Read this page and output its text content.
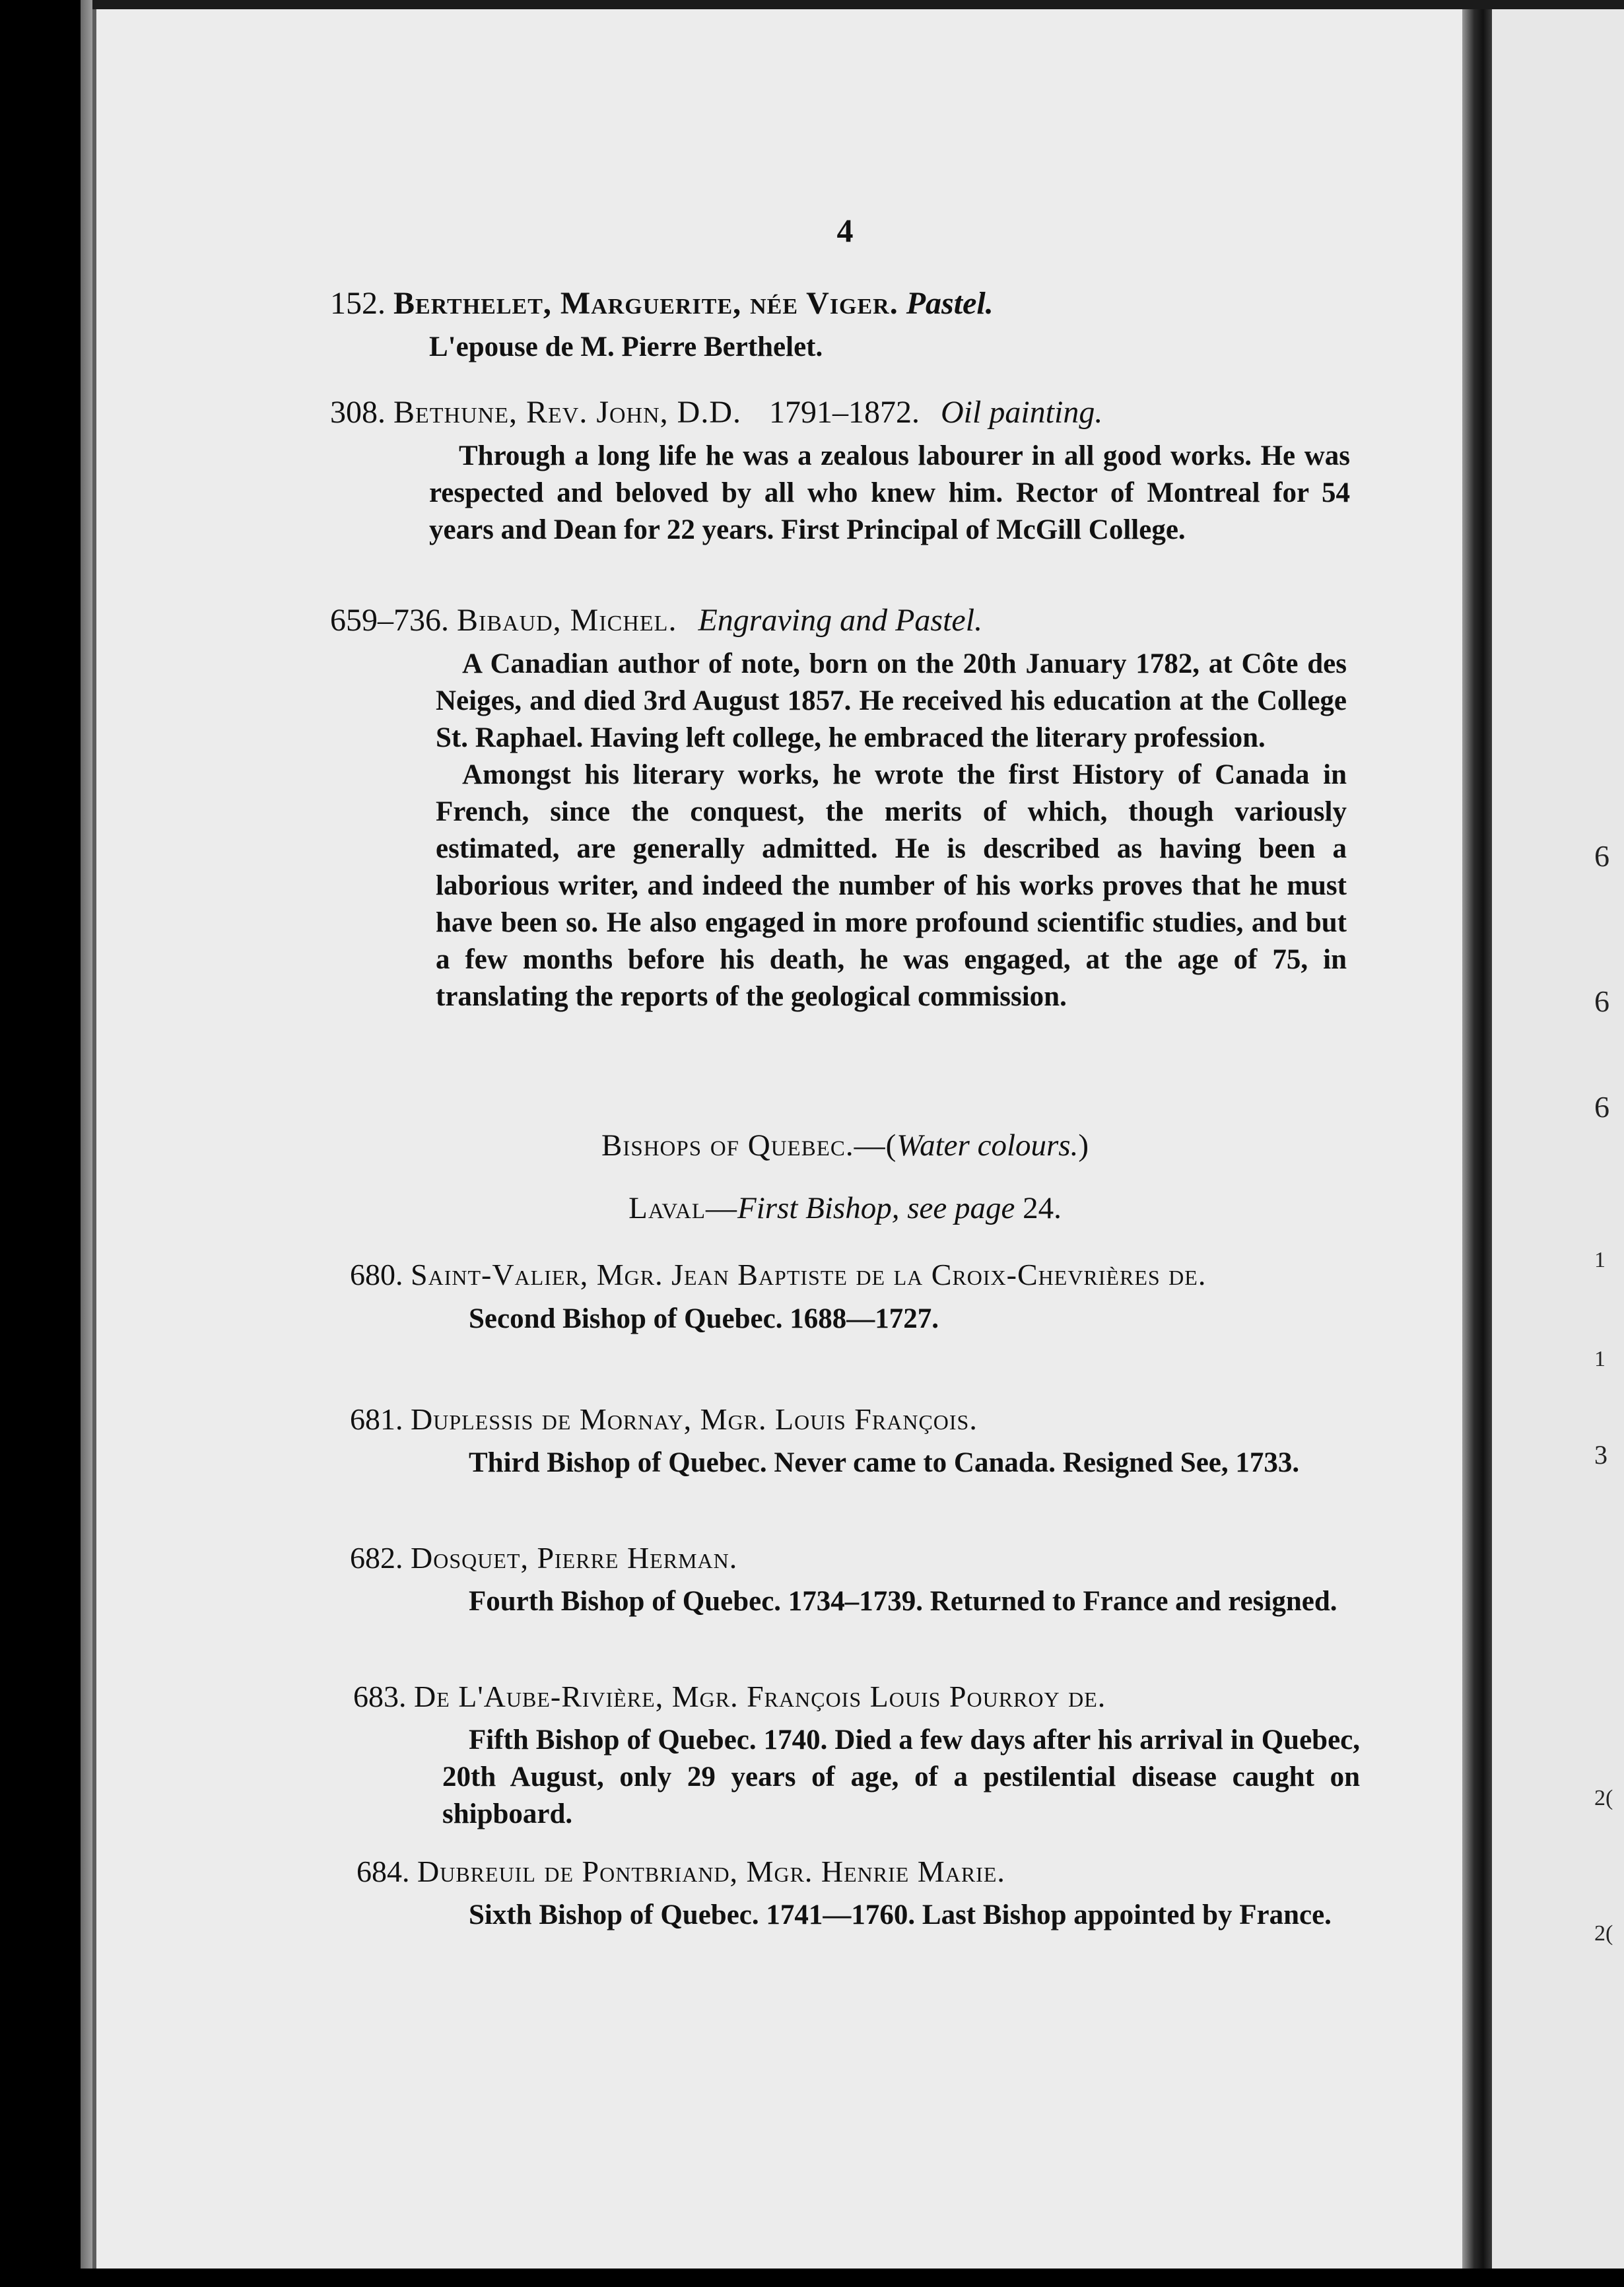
6
6
6
1
1
3
2(
2(
4
152. Berthelet, Marguerite, née Viger. Pastel.

L'epouse de M. Pierre Berthelet.

308. Bethune, Rev. John, D.D. 1791–1872. Oil painting.

Through a long life he was a zealous labourer in all good works. He was respected and beloved by all who knew him. Rector of Montreal for 54 years and Dean for 22 years. First Principal of McGill College.

659–736. Bibaud, Michel. Engraving and Pastel.

A Canadian author of note, born on the 20th January 1782, at Côte des Neiges, and died 3rd August 1857. He received his education at the College St. Raphael. Having left college, he embraced the literary profession.

Amongst his literary works, he wrote the first History of Canada in French, since the conquest, the merits of which, though variously estimated, are generally admitted. He is described as having been a laborious writer, and indeed the number of his works proves that he must have been so. He also engaged in more profound scientific studies, and but a few months before his death, he was engaged, at the age of 75, in translating the reports of the geological commission.

Bishops of Quebec.—(Water colours.)
Laval—First Bishop, see page 24.
680. Saint-Valier, Mgr. Jean Baptiste de la Croix-Chevrières de.

Second Bishop of Quebec. 1688—1727.

681. Duplessis de Mornay, Mgr. Louis François.

Third Bishop of Quebec. Never came to Canada. Resigned See, 1733.

682. Dosquet, Pierre Herman.

Fourth Bishop of Quebec. 1734–1739. Returned to France and resigned.

683. De L'Aube-Rivière, Mgr. François Louis Pourroy de.

Fifth Bishop of Quebec. 1740. Died a few days after his arrival in Quebec, 20th August, only 29 years of age, of a pestilential disease caught on shipboard.

684. Dubreuil de Pontbriand, Mgr. Henrie Marie.

Sixth Bishop of Quebec. 1741—1760. Last Bishop appointed by France.
